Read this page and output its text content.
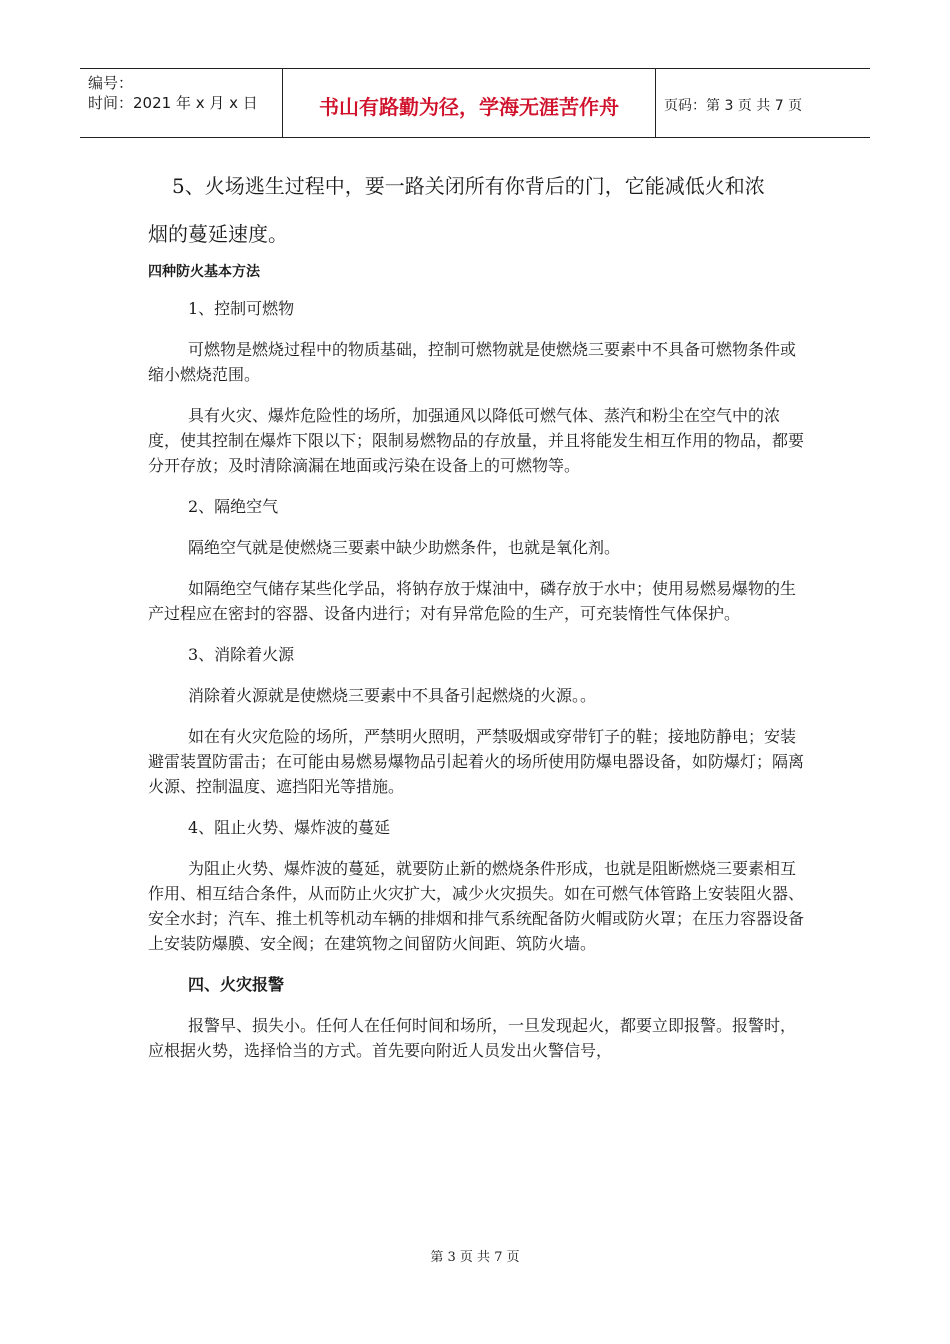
编号：
时间：2021 年 x 月 x 日	书山有路勤为径，学海无涯苦作舟	页码：第 3 页 共 7 页

5、火场逃生过程中，要一路关闭所有你背后的门，它能减低火和浓

烟的蔓延速度。

四种防火基本方法

1、控制可燃物

可燃物是燃烧过程中的物质基础，控制可燃物就是使燃烧三要素中不具备可燃物条件或缩小燃烧范围。

具有火灾、爆炸危险性的场所，加强通风以降低可燃气体、蒸汽和粉尘在空气中的浓度，使其控制在爆炸下限以下；限制易燃物品的存放量，并且将能发生相互作用的物品，都要分开存放；及时清除滴漏在地面或污染在设备上的可燃物等。

2、隔绝空气

隔绝空气就是使燃烧三要素中缺少助燃条件，也就是氧化剂。

如隔绝空气储存某些化学品，将钠存放于煤油中，磷存放于水中；使用易燃易爆物的生产过程应在密封的容器、设备内进行；对有异常危险的生产，可充装惰性气体保护。

3、消除着火源

消除着火源就是使燃烧三要素中不具备引起燃烧的火源。。

如在有火灾危险的场所，严禁明火照明，严禁吸烟或穿带钉子的鞋；接地防静电；安装避雷装置防雷击；在可能由易燃易爆物品引起着火的场所使用防爆电器设备，如防爆灯；隔离火源、控制温度、遮挡阳光等措施。

4、阻止火势、爆炸波的蔓延

为阻止火势、爆炸波的蔓延，就要防止新的燃烧条件形成，也就是阻断燃烧三要素相互作用、相互结合条件，从而防止火灾扩大，减少火灾损失。如在可燃气体管路上安装阻火器、安全水封；汽车、推土机等机动车辆的排烟和排气系统配备防火帽或防火罩；在压力容器设备上安装防爆膜、安全阀；在建筑物之间留防火间距、筑防火墙。

四、火灾报警

报警早、损失小。任何人在任何时间和场所，一旦发现起火，都要立即报警。报警时，应根据火势，选择恰当的方式。首先要向附近人员发出火警信号，

第 3 页 共 7 页
